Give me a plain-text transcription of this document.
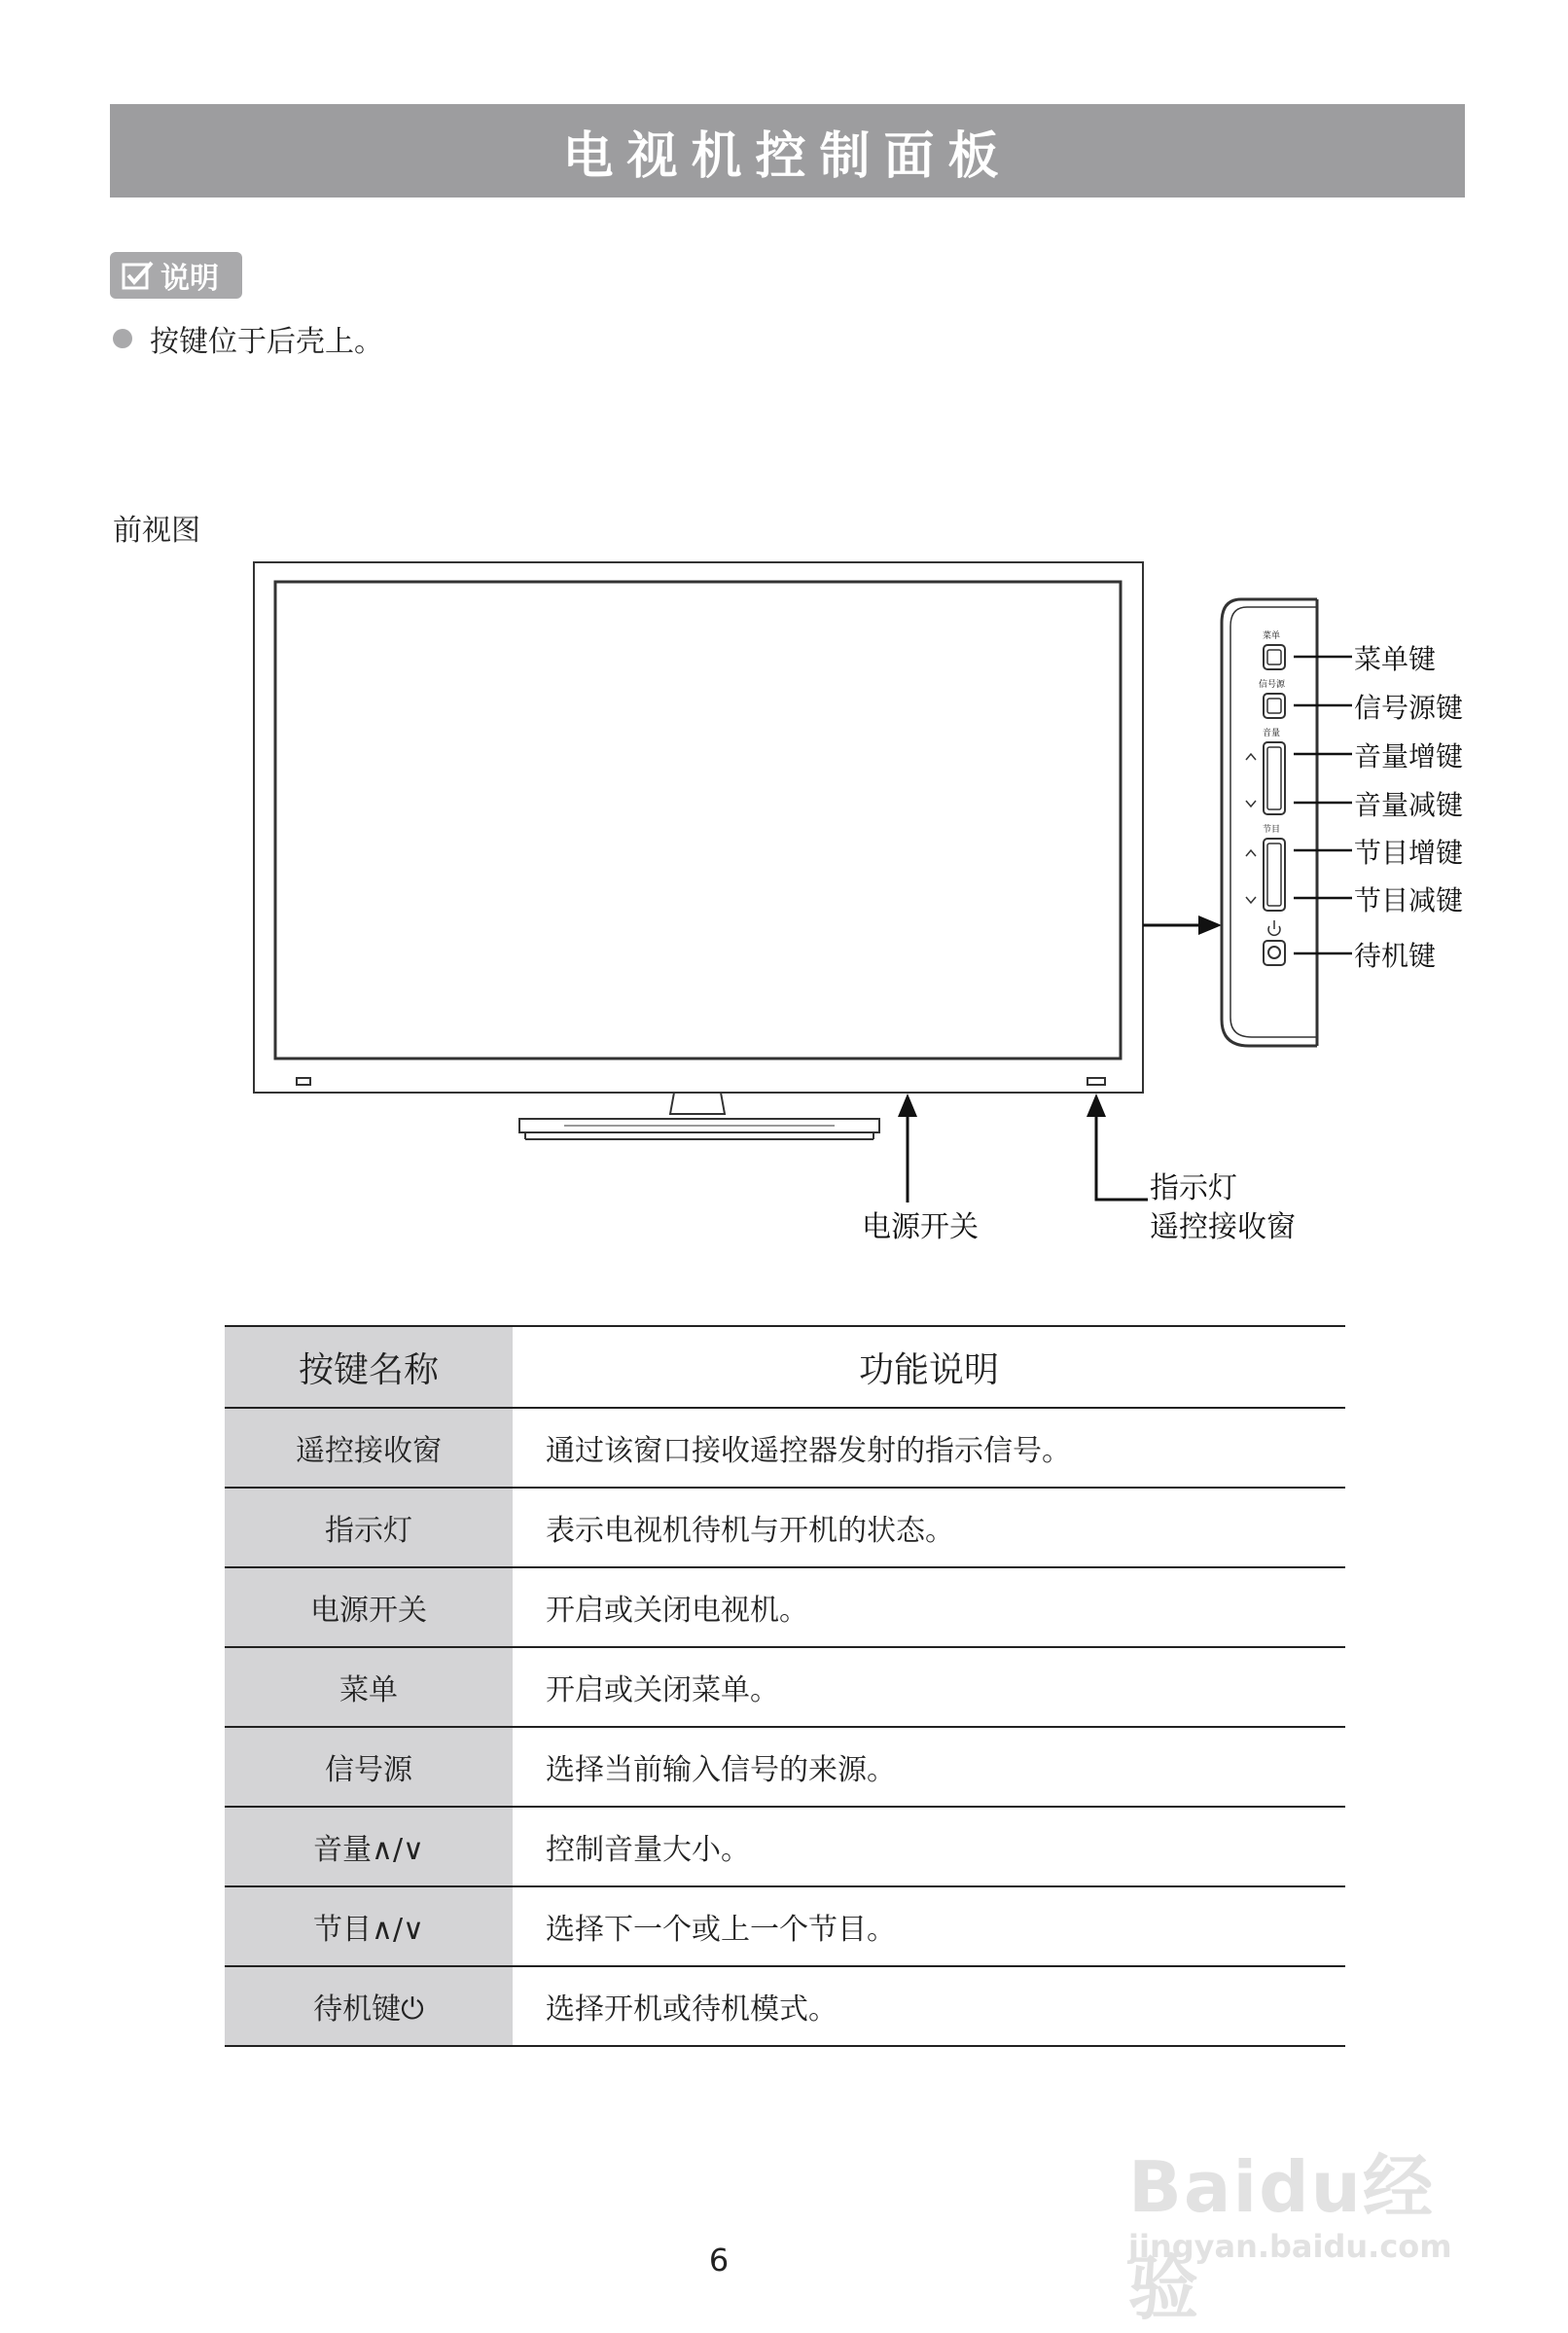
电视机控制面板
说明
按键位于后壳上。
前视图
菜单
信号源
音量
节目
菜单键
信号源键
音量增键
音量减键
节目增键
节目减键
待机键
电源开关
指示灯
遥控接收窗
按键名称	功能说明
遥控接收窗	通过该窗口接收遥控器发射的指示信号。
指示灯	表示电视机待机与开机的状态。
电源开关	开启或关闭电视机。
菜单	开启或关闭菜单。
信号源	选择当前输入信号的来源。
音量∧/∨	控制音量大小。
节目∧/∨	选择下一个或上一个节目。
待机键⏻	选择开机或待机模式。
Baidu经验
jingyan.baidu.com
6
